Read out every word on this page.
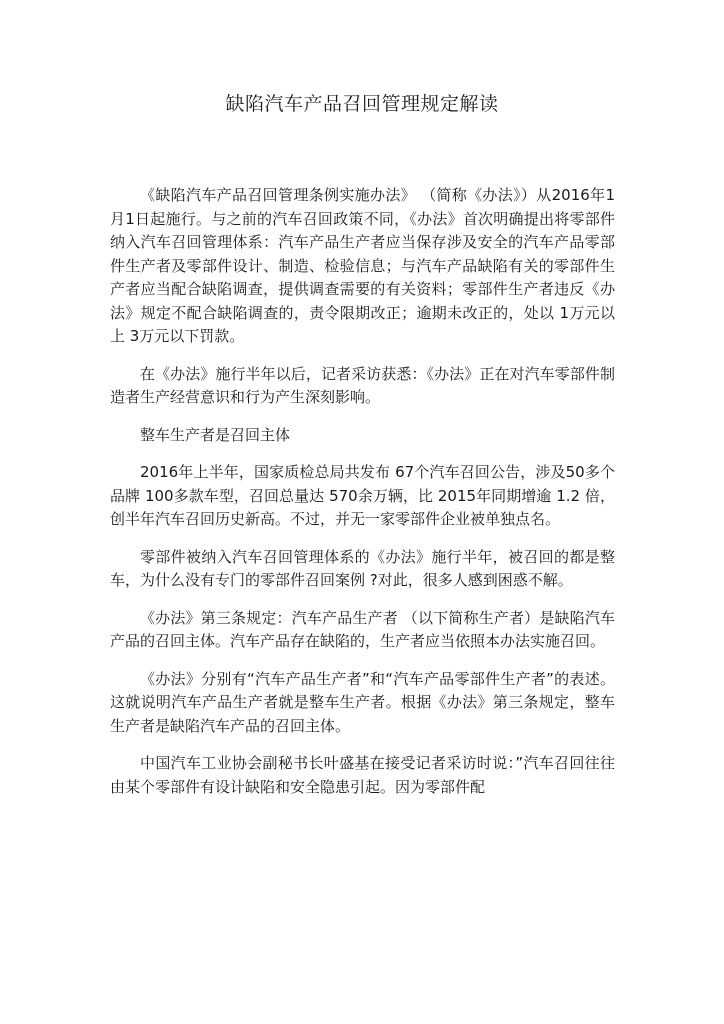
缺陷汽车产品召回管理规定解读

《缺陷汽车产品召回管理条例实施办法》 （简称《办法》）从2016年1月1日起施行。与之前的汽车召回政策不同，《办法》首次明确提出将零部件纳入汽车召回管理体系：汽车产品生产者应当保存涉及安全的汽车产品零部件生产者及零部件设计、制造、检验信息；与汽车产品缺陷有关的零部件生产者应当配合缺陷调查，提供调查需要的有关资料；零部件生产者违反《办法》规定不配合缺陷调查的，责令限期改正；逾期未改正的，处以 1万元以上 3万元以下罚款。

在《办法》施行半年以后，记者采访获悉：《办法》正在对汽车零部件制造者生产经营意识和行为产生深刻影响。

整车生产者是召回主体

2016年上半年，国家质检总局共发布 67个汽车召回公告，涉及50多个品牌 100多款车型，召回总量达 570余万辆，比 2015年同期增逾 1.2 倍，创半年汽车召回历史新高。不过，并无一家零部件企业被单独点名。

零部件被纳入汽车召回管理体系的《办法》施行半年，被召回的都是整车，为什么没有专门的零部件召回案例 ?对此，很多人感到困惑不解。

《办法》第三条规定：汽车产品生产者 （以下简称生产者）是缺陷汽车产品的召回主体。汽车产品存在缺陷的，生产者应当依照本办法实施召回。

《办法》分别有“汽车产品生产者”和“汽车产品零部件生产者”的表述。这就说明汽车产品生产者就是整车生产者。根据《办法》第三条规定，整车生产者是缺陷汽车产品的召回主体。

中国汽车工业协会副秘书长叶盛基在接受记者采访时说：”汽车召回往往由某个零部件有设计缺陷和安全隐患引起。因为零部件配
